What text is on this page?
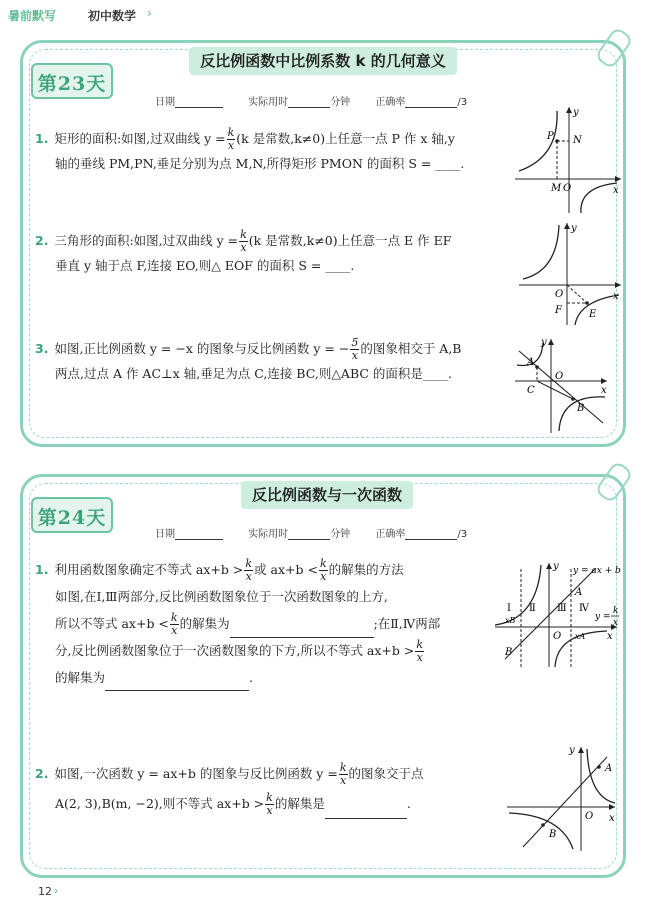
暑前默写	初中数学 ›
第23天
反比例函数中比例系数 k 的几何意义
日期	实际用时	分钟	正确率	/3
1. 矩形的面积:如图,过双曲线 $y = \frac{k}{x} (k$ 是常数,k≠0)上任意一点 P 作 x 轴,y
轴的垂线 PM,PN,垂足分别为点 M,N,所得矩形 PMON 的面积 S = ____.
P N
M O	x
y
2. 三角形的面积:如图,过双曲线 $y = \frac{k}{x} (k$ 是常数,k≠0)上任意一点 E 作 EF
垂直 y 轴于点 F,连接 EO,则△ EOF 的面积 S = ____.
F	E
O	x
y
3. 如图,正比例函数 y = −x 的图象与反比例函数 y = − $\frac{5}{x}$ 的图象相交于 A,B
两点,过点 A 作 AC⊥x 轴,垂足为点 C,连接 BC,则△ABC 的面积是____.
A
C
O
B
x
y
第24天
反比例函数与一次函数
日期	实际用时	分钟	正确率	/3
1. 利用函数图象确定不等式 $ax+b > \frac{k}{x}$ 或 $ax+b < \frac{k}{x}$ 的解集的方法
如图,在Ⅰ,Ⅲ两部分,反比例函数图象位于一次函数图象的上方,
所以不等式 $ax+b < \frac{k}{x}$ 的解集为	;在Ⅱ,Ⅳ两部
分,反比例函数图象位于一次函数图象的下方,所以不等式 $ax+b > \frac{k}{x}$
的解集为	.
y = ax + b
y =
k
x
A
B
O xA
xB
Ⅰ Ⅱ Ⅲ Ⅳ
x
y
2. 如图,一次函数 y = ax+b 的图象与反比例函数 $y = \frac{k}{x}$ 的图象交于点
A(2, 3),B(m, −2),则不等式 $ax+b > \frac{k}{x}$ 的解集是	.
A
B
O x
y
12 ›
